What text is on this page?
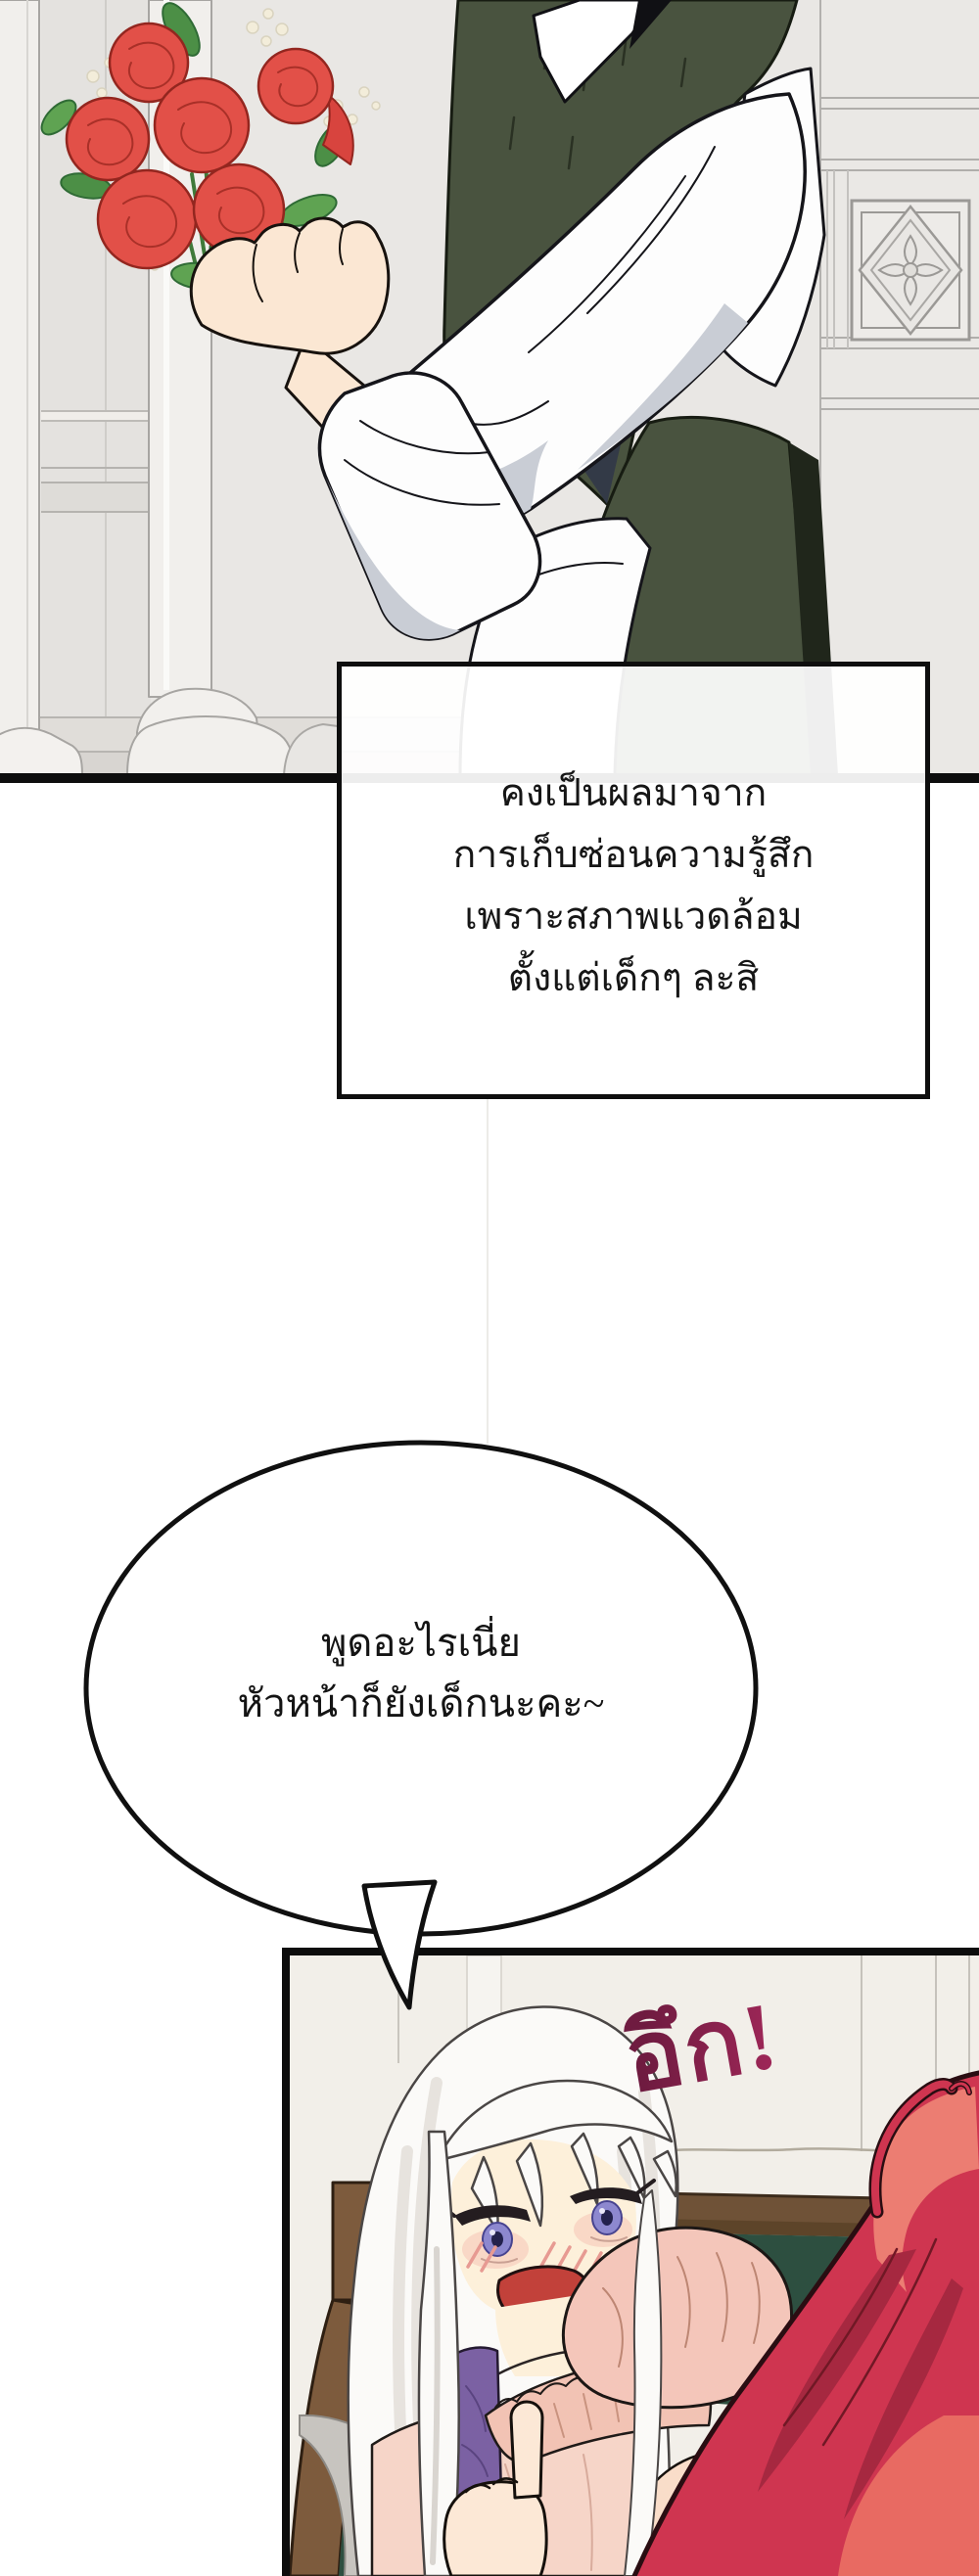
คงเป็นผลมาจาก
การเก็บซ่อนความรู้สึก
เพราะสภาพแวดล้อม
ตั้งแต่เด็กๆ ละสิ
อึก!
พูดอะไรเนี่ย
หัวหน้าก็ยังเด็กนะคะ~
